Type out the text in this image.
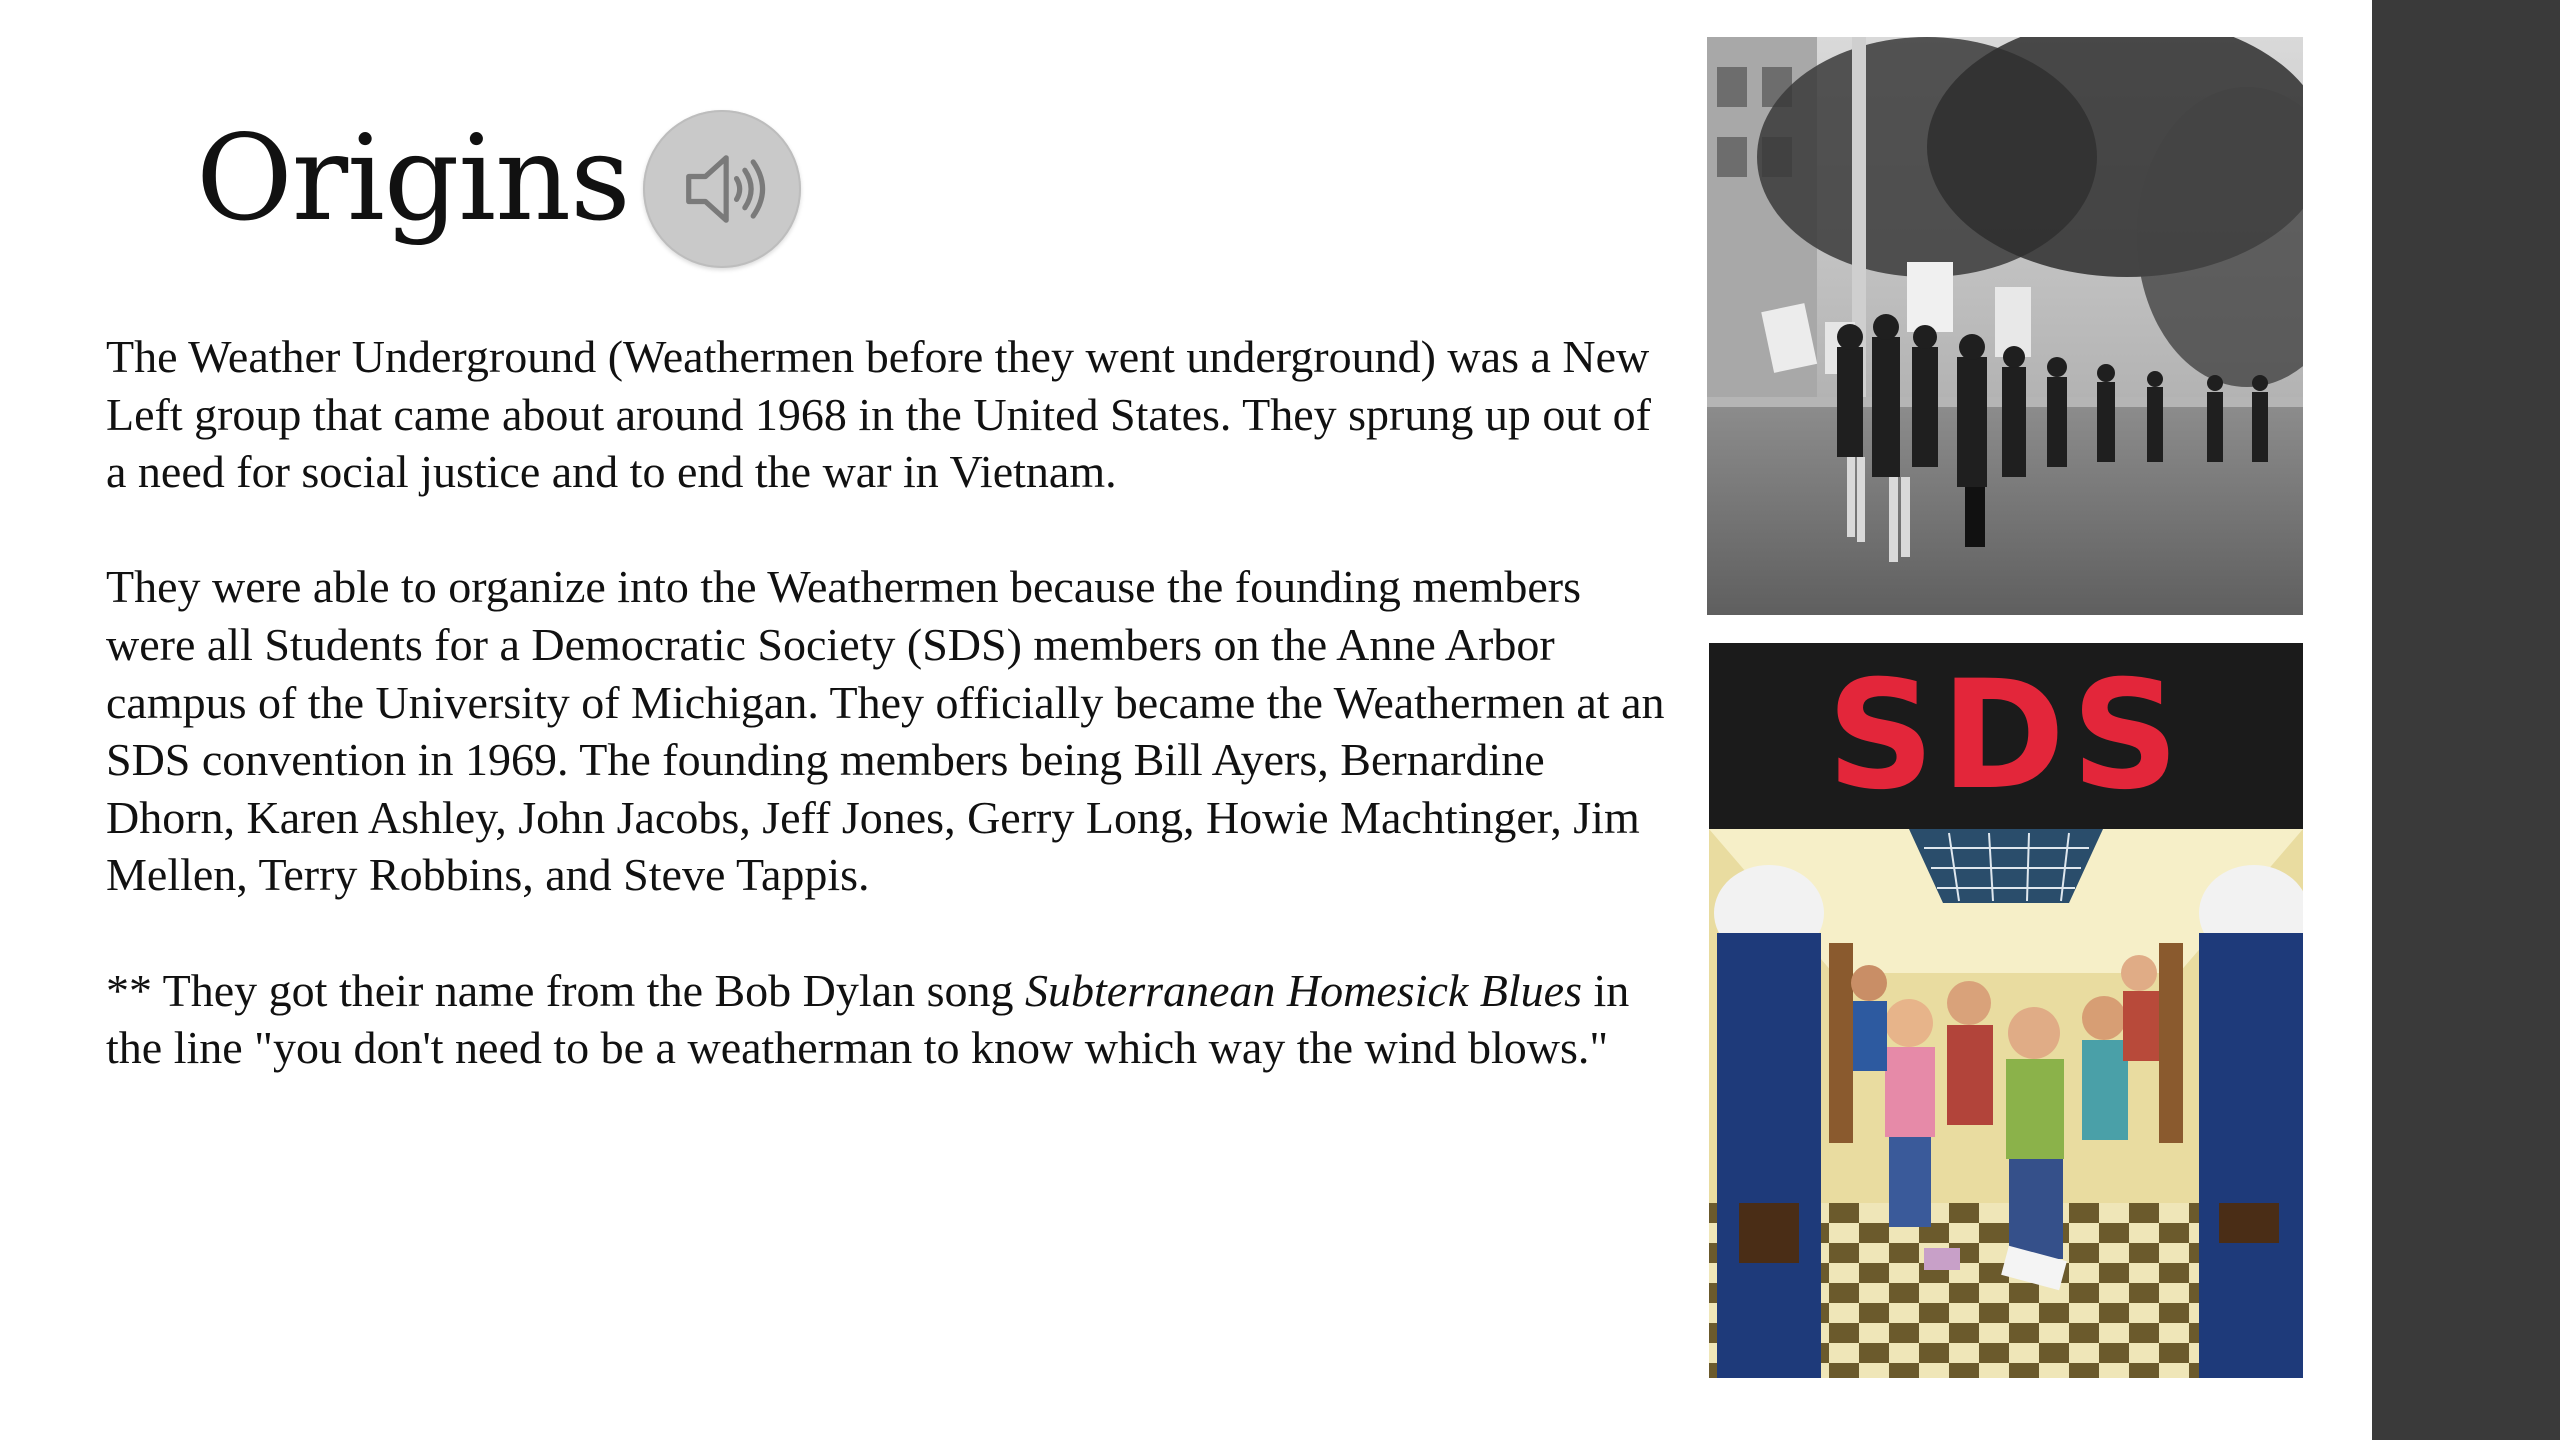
Origins

The Weather Underground (Weathermen before they went underground) was a New Left group that came about around 1968 in the United States. They sprung up out of a need for social justice and to end the war in Vietnam.

They were able to organize into the Weathermen because the founding members were all Students for a Democratic Society (SDS) members on the Anne Arbor campus of the University of Michigan. They officially became the Weathermen at an SDS convention in 1969. The founding members being Bill Ayers, Bernardine Dhorn, Karen Ashley, John Jacobs, Jeff Jones, Gerry Long, Howie Machtinger, Jim Mellen, Terry Robbins, and Steve Tappis.

** They got their name from the Bob Dylan song Subterranean Homesick Blues in the line "you don't need to be a weatherman to know which way the wind blows."

SDS
